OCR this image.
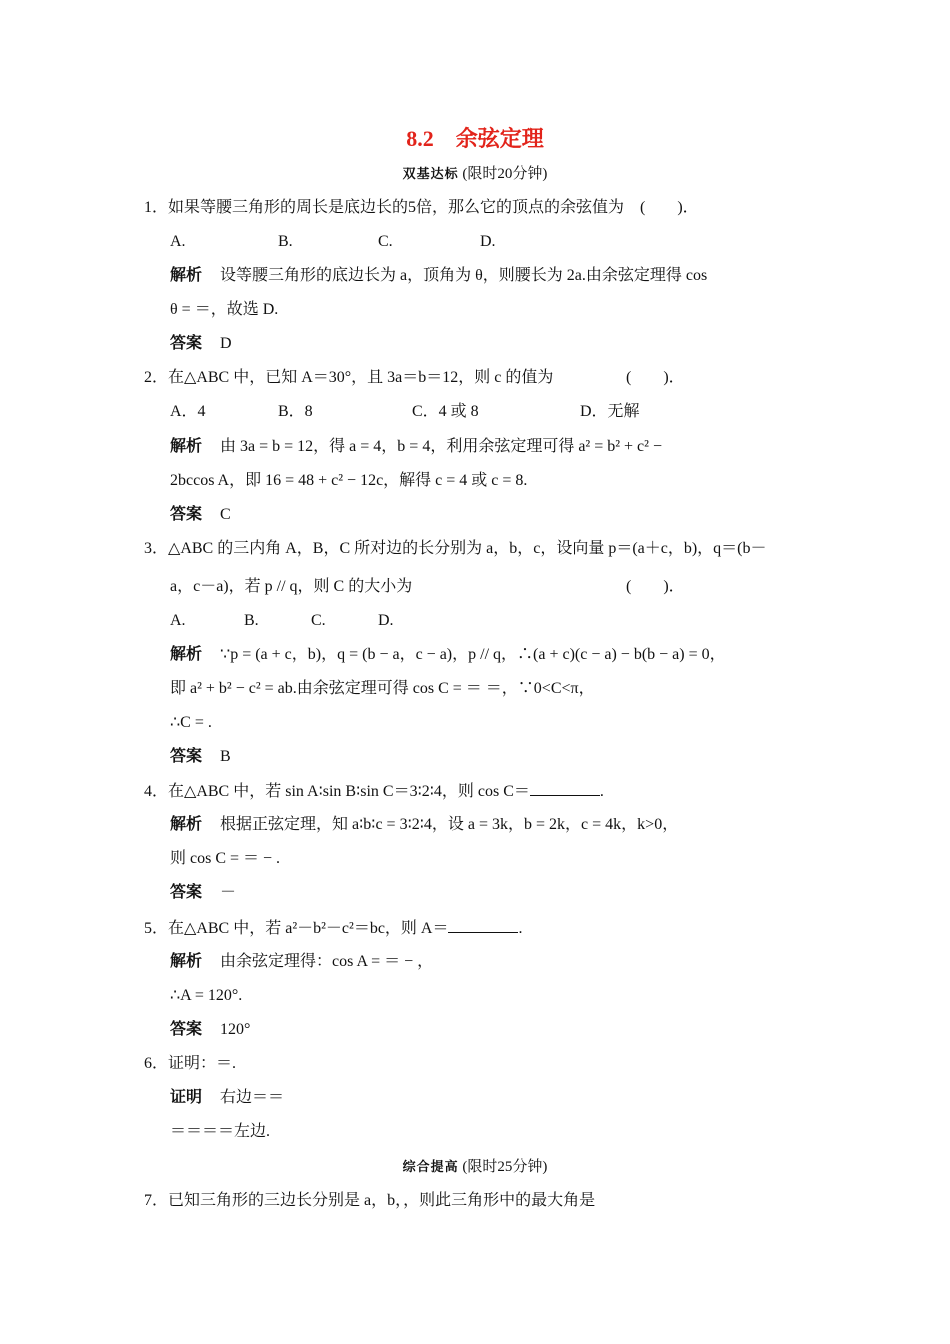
8.2　余弦定理
双基达标 (限时20分钟)
1．如果等腰三角形的周长是底边长的5倍，那么它的顶点的余弦值为　(　　)．
A.	B.	C.	D.
解析 设等腰三角形的底边长为 a，顶角为 θ，则腰长为 2a.由余弦定理得 cos
θ = ＝，故选 D.
答案 D
2．在△ABC 中，已知 A＝30°，且 3a＝b＝12，则 c 的值为	(　　)．
A．4	B．8	C．4 或 8	D．无解
解析 由 3a = b = 12，得 a = 4，b = 4，利用余弦定理可得 a² = b² + c² −
2bccos A，即 16 = 48 + c² − 12c，解得 c = 4 或 c = 8.
答案 C
3．△ABC 的三内角 A，B，C 所对边的长分别为 a，b，c，设向量 p＝(a＋c，b)，q＝(b－
a，c－a)，若 p // q，则 C 的大小为	(　　)．
A.	B.	C.	D.
解析 ∵p = (a + c，b)，q = (b − a，c − a)，p // q，∴(a + c)(c − a) − b(b − a) = 0，
即 a² + b² − c² = ab.由余弦定理可得 cos C = ＝ ＝，∵0<C<π，
∴C = .
答案 B
4．在△ABC 中，若 sin A∶sin B∶sin C＝3∶2∶4，则 cos C＝	.
解析 根据正弦定理，知 a∶b∶c = 3∶2∶4，设 a = 3k，b = 2k，c = 4k，k>0，
则 cos C = ＝ − .
答案 －
5．在△ABC 中，若 a²－b²－c²＝bc，则 A＝	.
解析 由余弦定理得：cos A = ＝ − ，
∴A = 120°.
答案 120°
6．证明：＝.
证明 右边＝＝
＝＝＝＝左边.
综合提高 (限时25分钟)
7．已知三角形的三边长分别是 a，b，，则此三角形中的最大角是
